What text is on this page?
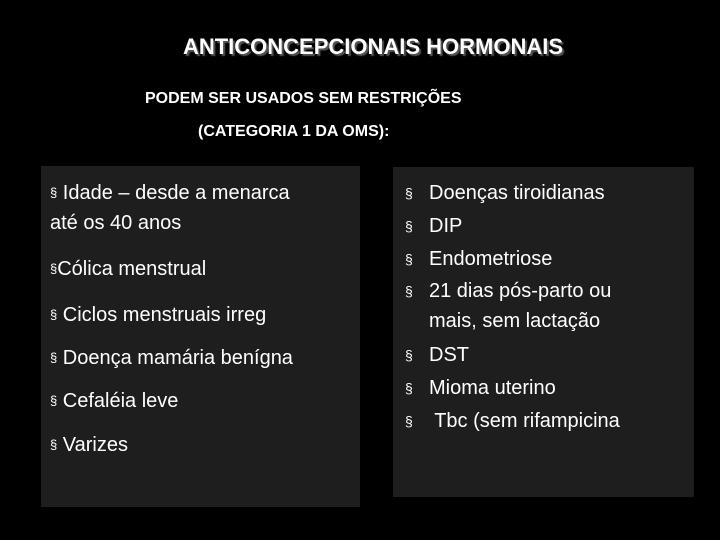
ANTICONCEPCIONAIS HORMONAIS
PODEM SER USADOS SEM RESTRIÇÕES
(CATEGORIA 1 DA OMS):
§ Idade – desde a menarca
até os 40 anos
§Cólica menstrual
§ Ciclos menstruais irreg
§ Doença mamária benígna
§ Cefaléia leve
§ Varizes
§ Doenças tiroidianas
§ DIP
§ Endometriose
§ 21 dias pós-parto ou
mais, sem lactação
§ DST
§ Mioma uterino
§ Tbc (sem rifampicina
